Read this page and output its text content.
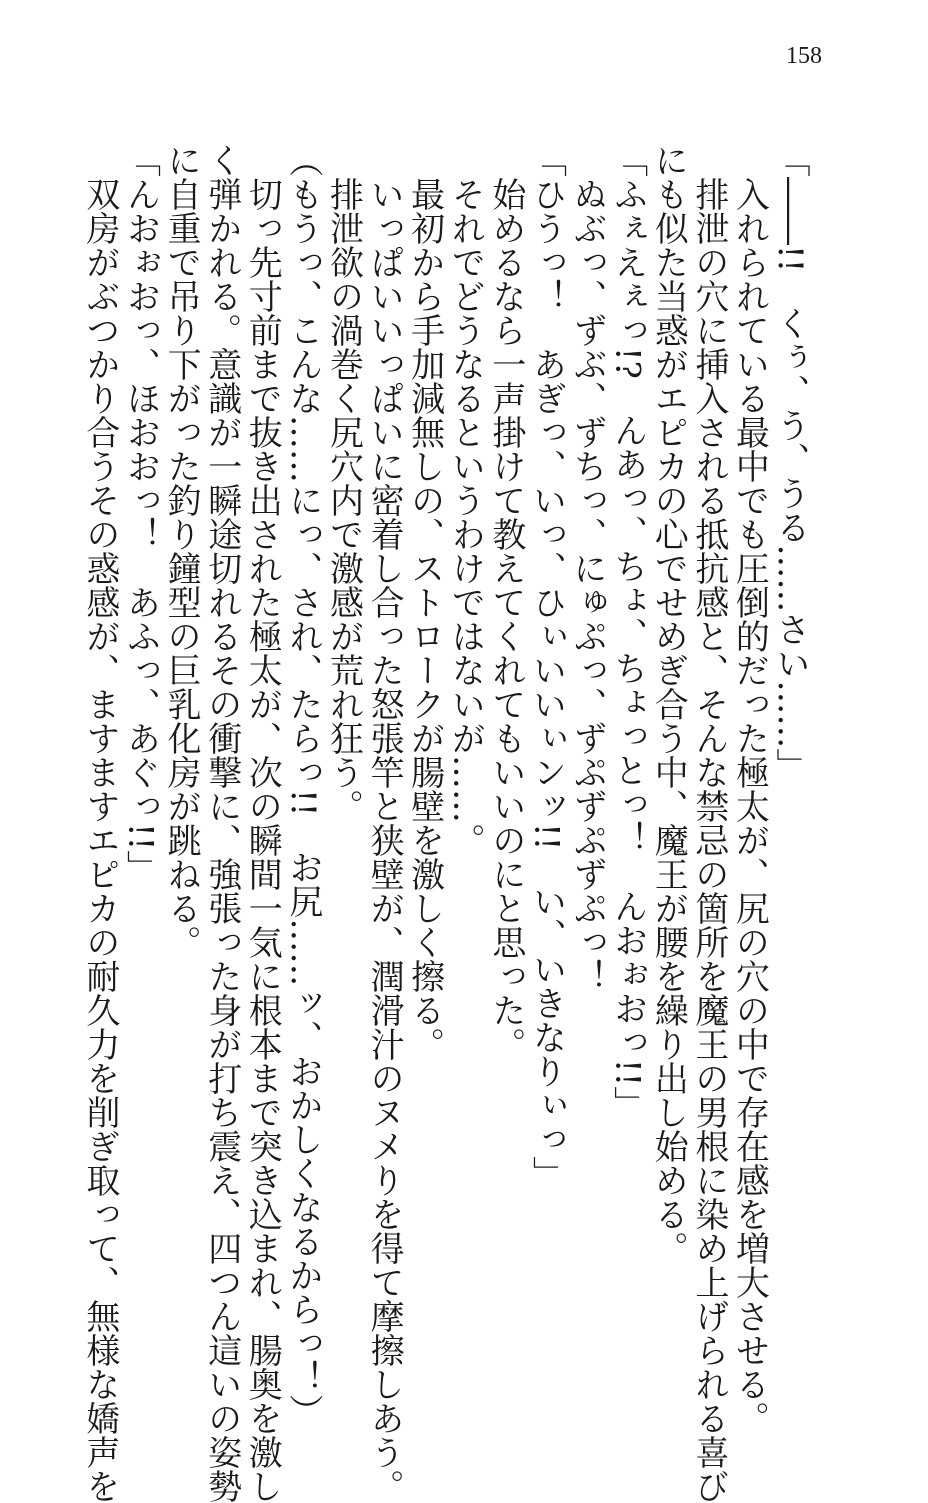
158
「――!!　くぅ、う、うる……さい……」
　入れられている最中でも圧倒的だった極太が、尻の穴の中で存在感を増大させる。
　排泄の穴に挿入される抵抗感と、そんな禁忌の箇所を魔王の男根に染め上げられる喜び
にも似た当惑がエピカの心でせめぎ合う中、魔王が腰を繰り出し始める。
「ふぇえぇっ!?　んあっ、ちょ、ちょっとっ！　んおぉおっ!!」
　ぬぶっ、ずぶ、ずちっ、にゅぷっ、ずぷずぷずぷっ！
「ひうっ！　あぎっ、いっ、ひぃいいぃンッ!!　い、いきなりぃっ」
　始めるなら一声掛けて教えてくれてもいいのにと思った。
　それでどうなるというわけではないが……。
　最初から手加減無しの、ストロークが腸壁を激しく擦る。
　いっぱいいっぱいに密着し合った怒張竿と狭壁が、潤滑汁のヌメりを得て摩擦しあう。
　排泄欲の渦巻く尻穴内で激感が荒れ狂う。
（もうっ、こんな……にっ、され、たらっ!!　お尻……ッ、おかしくなるからっ！）
　切っ先寸前まで抜き出された極太が、次の瞬間一気に根本まで突き込まれ、腸奥を激し
く弾かれる。意識が一瞬途切れるその衝撃に、強張った身が打ち震え、四つん這いの姿勢
に自重で吊り下がった釣り鐘型の巨乳化房が跳ねる。
「んおぉおっ、ほおおっ！　あふっ、あぐっ!!」
　双房がぶつかり合うその惑感が、ますますエピカの耐久力を削ぎ取って、無様な嬌声を
